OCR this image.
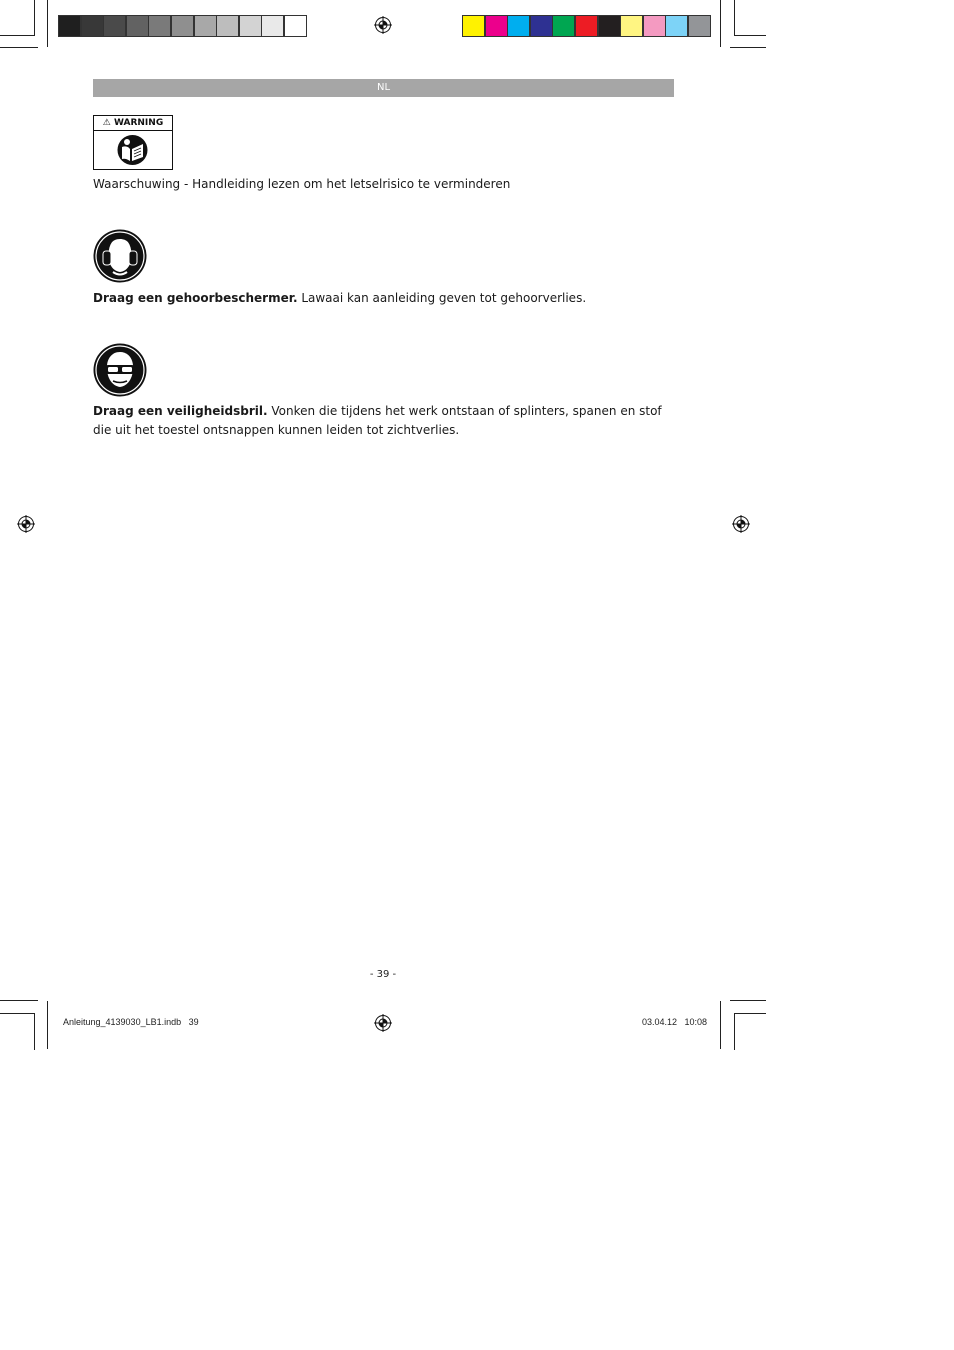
NL
⚠ WARNING
Waarschuwing - Handleiding lezen om het letselrisico te verminderen
Draag een gehoorbeschermer. Lawaai kan aanleiding geven tot gehoorverlies.
Draag een veiligheidsbril. Vonken die tijdens het werk ontstaan of splinters, spanen en stof die uit het toestel ontsnappen kunnen leiden tot zichtverlies.
- 39 -
Anleitung_4139030_LB1.indb   39	03.04.12   10:08
